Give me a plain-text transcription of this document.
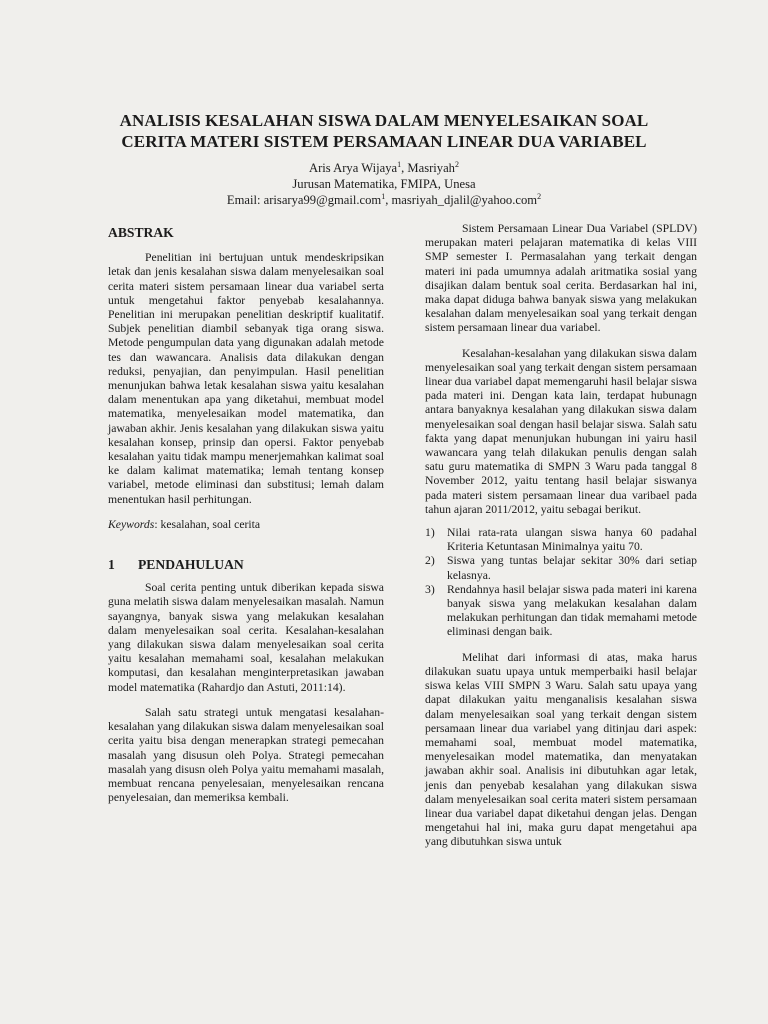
ANALISIS KESALAHAN SISWA DALAM MENYELESAIKAN SOAL
CERITA MATERI SISTEM PERSAMAAN LINEAR DUA VARIABEL
Aris Arya Wijaya$^1$, Masriyah$^2$
Jurusan Matematika, FMIPA, Unesa
Email: arisarya99@gmail.com$^1$, masriyah_djalil@yahoo.com$^2$
ABSTRAK

Penelitian ini bertujuan untuk mendeskripsikan letak dan jenis kesalahan siswa dalam menyelesaikan soal cerita materi sistem persamaan linear dua variabel serta untuk mengetahui faktor penyebab kesalahannya. Penelitian ini merupakan penelitian deskriptif kualitatif. Subjek penelitian diambil sebanyak tiga orang siswa. Metode pengumpulan data yang digunakan adalah metode tes dan wawancara. Analisis data dilakukan dengan reduksi, penyajian, dan penyimpulan. Hasil penelitian menunjukan bahwa letak kesalahan siswa yaitu kesalahan dalam menentukan apa yang diketahui, membuat model matematika, menyelesaikan model matematika, dan jawaban akhir. Jenis kesalahan yang dilakukan siswa yaitu kesalahan konsep, prinsip dan opersi. Faktor penyebab kesalahan yaitu tidak mampu menerjemahkan kalimat soal ke dalam kalimat matematika; lemah tentang konsep variabel, metode eliminasi dan substitusi; lemah dalam menentukan hasil perhitungan.

Keywords: kesalahan, soal cerita

1 PENDAHULUAN

Soal cerita penting untuk diberikan kepada siswa guna melatih siswa dalam menyelesaikan masalah. Namun sayangnya, banyak siswa yang melakukan kesalahan dalam menyelesaikan soal cerita. Kesalahan-kesalahan yang dilakukan siswa dalam menyelesaikan soal cerita yaitu kesalahan memahami soal, kesalahan melakukan komputasi, dan kesalahan menginterpretasikan jawaban model matematika (Rahardjo dan Astuti, 2011:14).

Salah satu strategi untuk mengatasi kesalahan-kesalahan yang dilakukan siswa dalam menyelesaikan soal cerita yaitu bisa dengan menerapkan strategi pemecahan masalah yang disusun oleh Polya. Strategi pemecahan masalah yang disusn oleh Polya yaitu memahami masalah, membuat rencana penyelesaian, menyelesaikan rencana penyelesaian, dan memeriksa kembali.

Sistem Persamaan Linear Dua Variabel (SPLDV) merupakan materi pelajaran matematika di kelas VIII SMP semester I. Permasalahan yang terkait dengan materi ini pada umumnya adalah aritmatika sosial yang disajikan dalam bentuk soal cerita. Berdasarkan hal ini, maka dapat diduga bahwa banyak siswa yang melakukan kesalahan dalam menyelesaikan soal yang terkait dengan sistem persamaan linear dua variabel.

Kesalahan-kesalahan yang dilakukan siswa dalam menyelesaikan soal yang terkait dengan sistem persamaan linear dua variabel dapat memengaruhi hasil belajar siswa pada materi ini. Dengan kata lain, terdapat hubunagn antara banyaknya kesalahan yang dilakukan siswa dalam menyelesaikan soal dengan hasil belajar siswa. Salah satu fakta yang dapat menunjukan hubungan ini yairu hasil wawancara yang telah dilakukan penulis dengan salah satu guru matematika di SMPN 3 Waru pada tanggal 8 November 2012, yaitu tentang hasil belajar siswanya pada materi sistem persamaan linear dua varibael pada tahun ajaran 2011/2012, yaitu sebagai berikut.

1)	Nilai rata-rata ulangan siswa hanya 60 padahal Kriteria Ketuntasan Minimalnya yaitu 70.
2)	Siswa yang tuntas belajar sekitar 30% dari setiap kelasnya.
3)	Rendahnya hasil belajar siswa pada materi ini karena banyak siswa yang melakukan kesalahan dalam melakukan perhitungan dan tidak memahami metode eliminasi dengan baik.

Melihat dari informasi di atas, maka harus dilakukan suatu upaya untuk memperbaiki hasil belajar siswa kelas VIII SMPN 3 Waru. Salah satu upaya yang dapat dilakukan yaitu menganalisis kesalahan siswa dalam menyelesaikan soal yang terkait dengan sistem persamaan linear dua variabel yang ditinjau dari aspek: memahami soal, membuat model matematika, menyelesaikan model matematika, dan menyatakan jawaban akhir soal. Analisis ini dibutuhkan agar letak, jenis dan penyebab kesalahan yang dilakukan siswa dalam menyelesaikan soal cerita materi sistem persamaan linear dua variabel dapat diketahui dengan jelas. Dengan mengetahui hal ini, maka guru dapat mengetahui apa yang dibutuhkan siswa untuk
